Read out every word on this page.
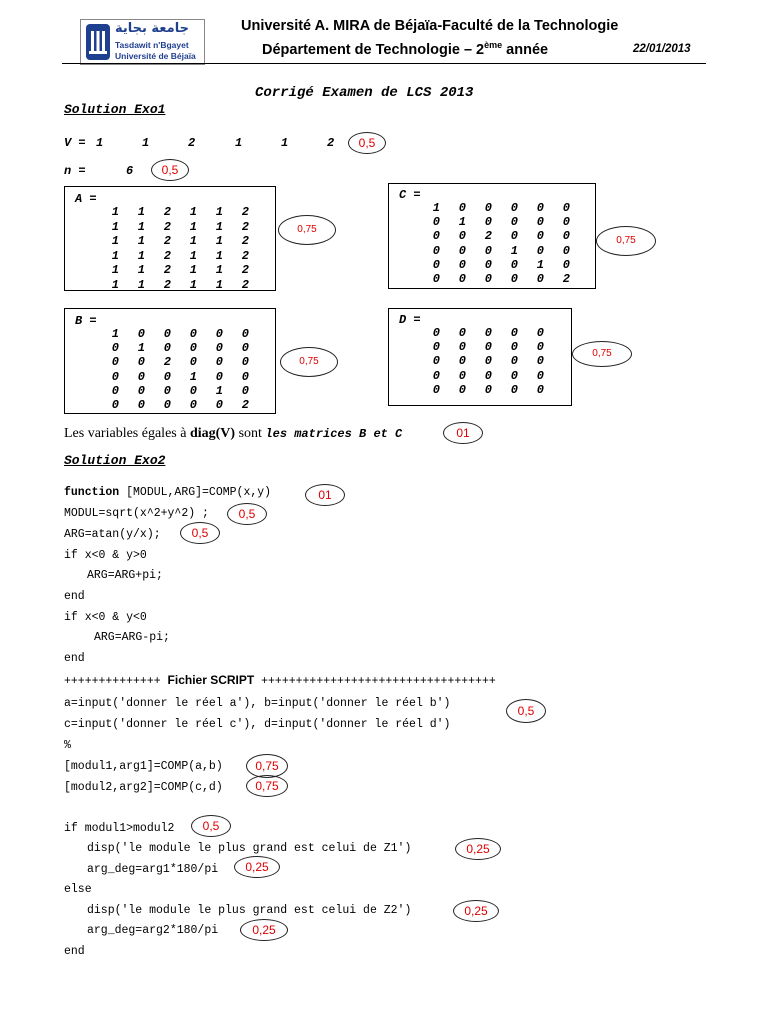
جامعة بجاية
Tasdawit n'Bgayet
Université de Béjaïa
Université A. MIRA de Béjaïa-Faculté de la Technologie
Département de Technologie – 2ème année	22/01/2013
Corrigé Examen de LCS 2013
Solution Exo1
V = 1	1	2	1	1	2	0,5
n =	6	0,5
A =
1	1	2	1	1	2
1	1	2	1	1	2
1	1	2	1	1	2
1	1	2	1	1	2
1	1	2	1	1	2
1	1	2	1	1	2
0,75
C =
1	0	0	0	0	0
0	1	0	0	0	0
0	0	2	0	0	0
0	0	0	1	0	0
0	0	0	0	1	0
0	0	0	0	0	2
0,75
B =
1	0	0	0	0	0
0	1	0	0	0	0
0	0	2	0	0	0
0	0	0	1	0	0
0	0	0	0	1	0
0	0	0	0	0	2
0,75
D =
0	0	0	0	0
0	0	0	0	0
0	0	0	0	0
0	0	0	0	0
0	0	0	0	0
0,75
Les variables égales à diag(V) sont les matrices B et C	01
Solution Exo2
function [MODUL,ARG]=COMP(x,y)	01
MODUL=sqrt(x^2+y^2) ;	0,5
ARG=atan(y/x);	0,5
if x<0 & y>0
ARG=ARG+pi;
end
if x<0 & y<0
ARG=ARG-pi;
end
++++++++++++++ Fichier SCRIPT ++++++++++++++++++++++++++++++++++
a=input('donner le réel a'), b=input('donner le réel b')
c=input('donner le réel c'), d=input('donner le réel d')
0,5
%
[modul1,arg1]=COMP(a,b)	0,75
[modul2,arg2]=COMP(c,d)	0,75
if modul1>modul2	0,5
disp('le module le plus grand est celui de Z1')	0,25
arg_deg=arg1*180/pi	0,25
else
disp('le module le plus grand est celui de Z2')	0,25
arg_deg=arg2*180/pi	0,25
end
